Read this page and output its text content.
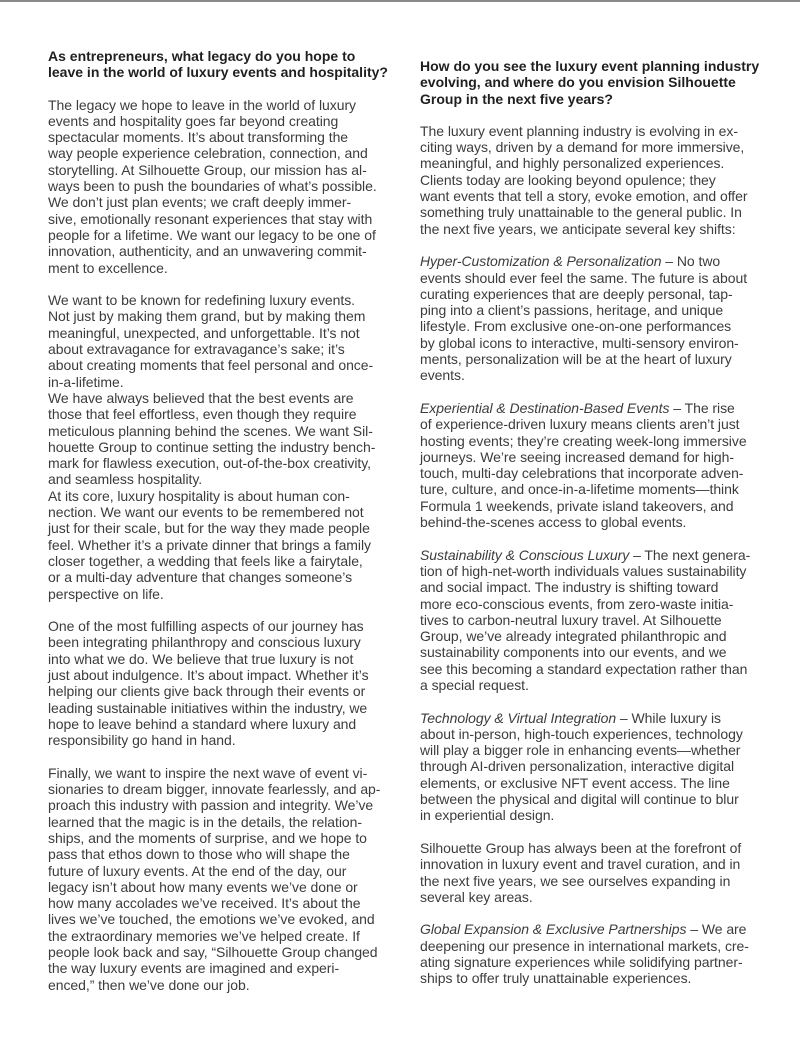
As entrepreneurs, what legacy do you hope to
leave in the world of luxury events and hospitality?

The legacy we hope to leave in the world of luxury
events and hospitality goes far beyond creating
spectacular moments. It’s about transforming the
way people experience celebration, connection, and
storytelling. At Silhouette Group, our mission has al-
ways been to push the boundaries of what’s possible.
We don’t just plan events; we craft deeply immer-
sive, emotionally resonant experiences that stay with
people for a lifetime. We want our legacy to be one of
innovation, authenticity, and an unwavering commit-
ment to excellence.

We want to be known for redefining luxury events.
Not just by making them grand, but by making them
meaningful, unexpected, and unforgettable. It’s not
about extravagance for extravagance’s sake; it’s
about creating moments that feel personal and once-
in-a-lifetime.

We have always believed that the best events are
those that feel effortless, even though they require
meticulous planning behind the scenes. We want Sil-
houette Group to continue setting the industry bench-
mark for flawless execution, out-of-the-box creativity,
and seamless hospitality.

At its core, luxury hospitality is about human con-
nection. We want our events to be remembered not
just for their scale, but for the way they made people
feel. Whether it’s a private dinner that brings a family
closer together, a wedding that feels like a fairytale,
or a multi-day adventure that changes someone’s
perspective on life.

One of the most fulfilling aspects of our journey has
been integrating philanthropy and conscious luxury
into what we do. We believe that true luxury is not
just about indulgence. It’s about impact. Whether it’s
helping our clients give back through their events or
leading sustainable initiatives within the industry, we
hope to leave behind a standard where luxury and
responsibility go hand in hand.

Finally, we want to inspire the next wave of event vi-
sionaries to dream bigger, innovate fearlessly, and ap-
proach this industry with passion and integrity. We’ve
learned that the magic is in the details, the relation-
ships, and the moments of surprise, and we hope to
pass that ethos down to those who will shape the
future of luxury events. At the end of the day, our
legacy isn’t about how many events we’ve done or
how many accolades we’ve received. It’s about the
lives we’ve touched, the emotions we’ve evoked, and
the extraordinary memories we’ve helped create. If
people look back and say, “Silhouette Group changed
the way luxury events are imagined and experi-
enced,” then we’ve done our job.

How do you see the luxury event planning industry
evolving, and where do you envision Silhouette
Group in the next five years?

The luxury event planning industry is evolving in ex-
citing ways, driven by a demand for more immersive,
meaningful, and highly personalized experiences.
Clients today are looking beyond opulence; they
want events that tell a story, evoke emotion, and offer
something truly unattainable to the general public. In
the next five years, we anticipate several key shifts:

Hyper-Customization & Personalization – No two
events should ever feel the same. The future is about
curating experiences that are deeply personal, tap-
ping into a client’s passions, heritage, and unique
lifestyle. From exclusive one-on-one performances
by global icons to interactive, multi-sensory environ-
ments, personalization will be at the heart of luxury
events.

Experiential & Destination-Based Events – The rise
of experience-driven luxury means clients aren’t just
hosting events; they’re creating week-long immersive
journeys. We’re seeing increased demand for high-
touch, multi-day celebrations that incorporate adven-
ture, culture, and once-in-a-lifetime moments—think
Formula 1 weekends, private island takeovers, and
behind-the-scenes access to global events.

Sustainability & Conscious Luxury – The next genera-
tion of high-net-worth individuals values sustainability
and social impact. The industry is shifting toward
more eco-conscious events, from zero-waste initia-
tives to carbon-neutral luxury travel. At Silhouette
Group, we’ve already integrated philanthropic and
sustainability components into our events, and we
see this becoming a standard expectation rather than
a special request.

Technology & Virtual Integration – While luxury is
about in-person, high-touch experiences, technology
will play a bigger role in enhancing events—whether
through AI-driven personalization, interactive digital
elements, or exclusive NFT event access. The line
between the physical and digital will continue to blur
in experiential design.

Silhouette Group has always been at the forefront of
innovation in luxury event and travel curation, and in
the next five years, we see ourselves expanding in
several key areas.

Global Expansion & Exclusive Partnerships – We are
deepening our presence in international markets, cre-
ating signature experiences while solidifying partner-
ships to offer truly unattainable experiences.
